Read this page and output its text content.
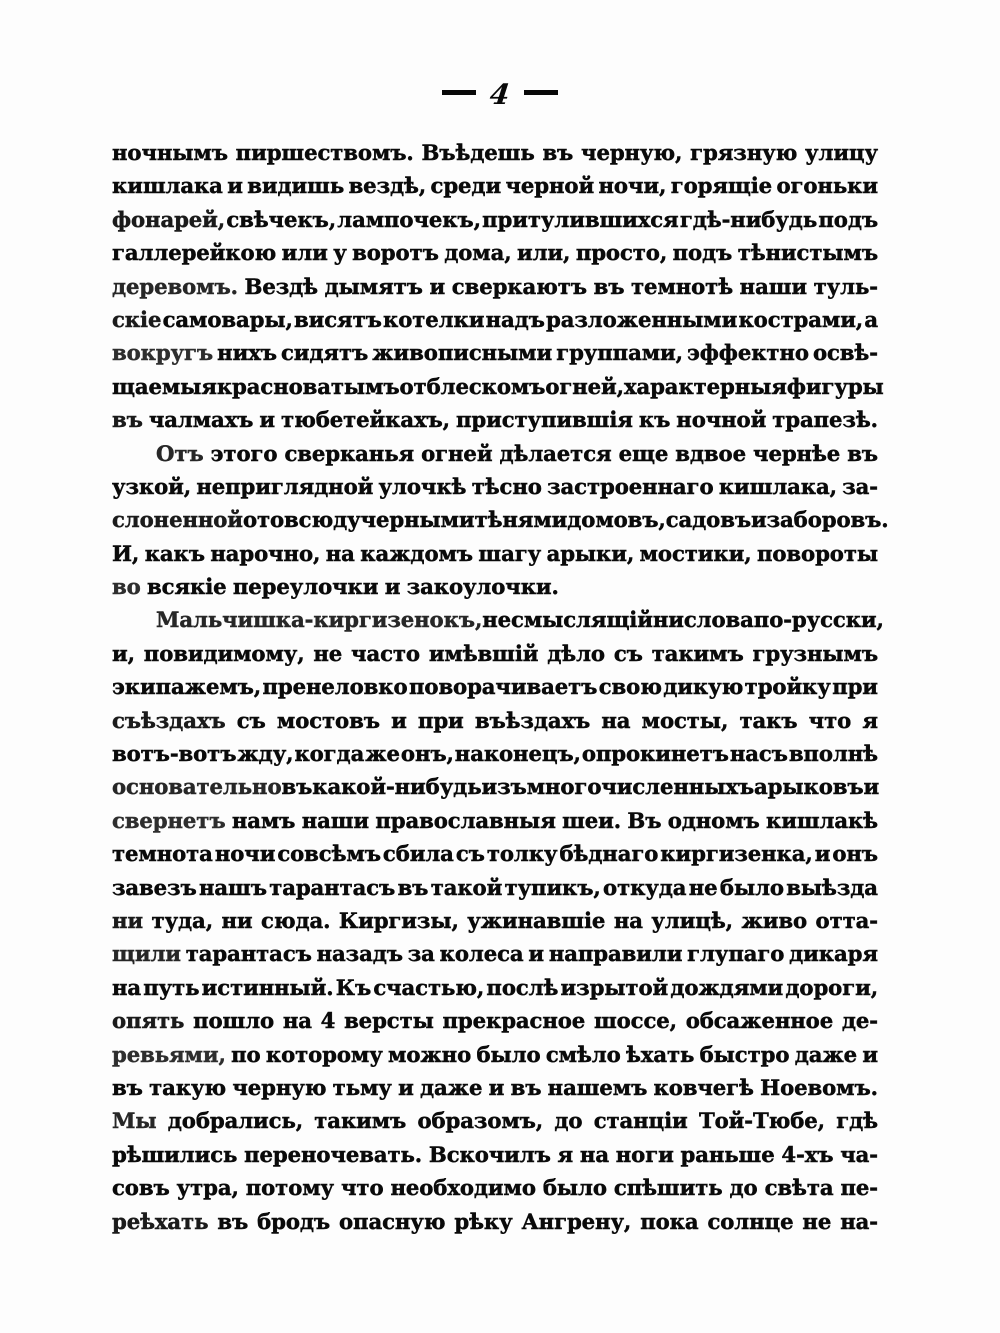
4
ночнымъ пиршествомъ. Въѣдешь въ черную, грязную улицу
кишлака и видишь вездѣ, среди черной ночи, горящіе огоньки
фонарей, свѣчекъ, лампочекъ, притулившихся гдѣ-нибудь подъ
галлерейкою или у воротъ дома, или, просто, подъ тѣнистымъ
деревомъ. Вездѣ дымятъ и сверкаютъ въ темнотѣ наши туль-
скіе самовары, висятъ котелки надъ разложенными кострами, а
вокругъ нихъ сидятъ живописными группами, эффектно освѣ-
щаемыя красноватымъ отблескомъ огней, характерныя фигуры
въ чалмахъ и тюбетейкахъ, приступившія къ ночной трапезѣ.
Отъ этого сверканья огней дѣлается еще вдвое чернѣе въ
узкой, неприглядной улочкѣ тѣсно застроеннаго кишлака, за-
слоненной отовсюду черными тѣнями домовъ, садовъ и заборовъ.
И, какъ нарочно, на каждомъ шагу арыки, мостики, повороты
во всякіе переулочки и закоулочки.
Мальчишка-киргизенокъ, не смыслящій ни слова по-русски,
и, повидимому, не часто имѣвшій дѣло съ такимъ грузнымъ
экипажемъ, пренеловко поворачиваетъ свою дикую тройку при
съѣздахъ съ мостовъ и при въѣздахъ на мосты, такъ что я
вотъ-вотъ жду, когда же онъ, наконецъ, опрокинетъ насъ вполнѣ
основательно въ какой-нибудь изъ многочисленныхъ арыковъ и
свернетъ намъ наши православныя шеи. Въ одномъ кишлакѣ
темнота ночи совсѣмъ сбила съ толку бѣднаго киргизенка, и онъ
завезъ нашъ тарантасъ въ такой тупикъ, откуда не было выѣзда
ни туда, ни сюда. Киргизы, ужинавшіе на улицѣ, живо отта-
щили тарантасъ назадъ за колеса и направили глупаго дикаря
на путь истинный. Къ счастью, послѣ изрытой дождями дороги,
опять пошло на 4 версты прекрасное шоссе, обсаженное де-
ревьями, по которому можно было смѣло ѣхать быстро даже и
въ такую черную тьму и даже и въ нашемъ ковчегѣ Ноевомъ.
Мы добрались, такимъ образомъ, до станціи Той-Тюбе, гдѣ
рѣшились переночевать. Вскочилъ я на ноги раньше 4-хъ ча-
совъ утра, потому что необходимо было спѣшить до свѣта пе-
реѣхать въ бродъ опасную рѣку Ангрену, пока солнце не на-
